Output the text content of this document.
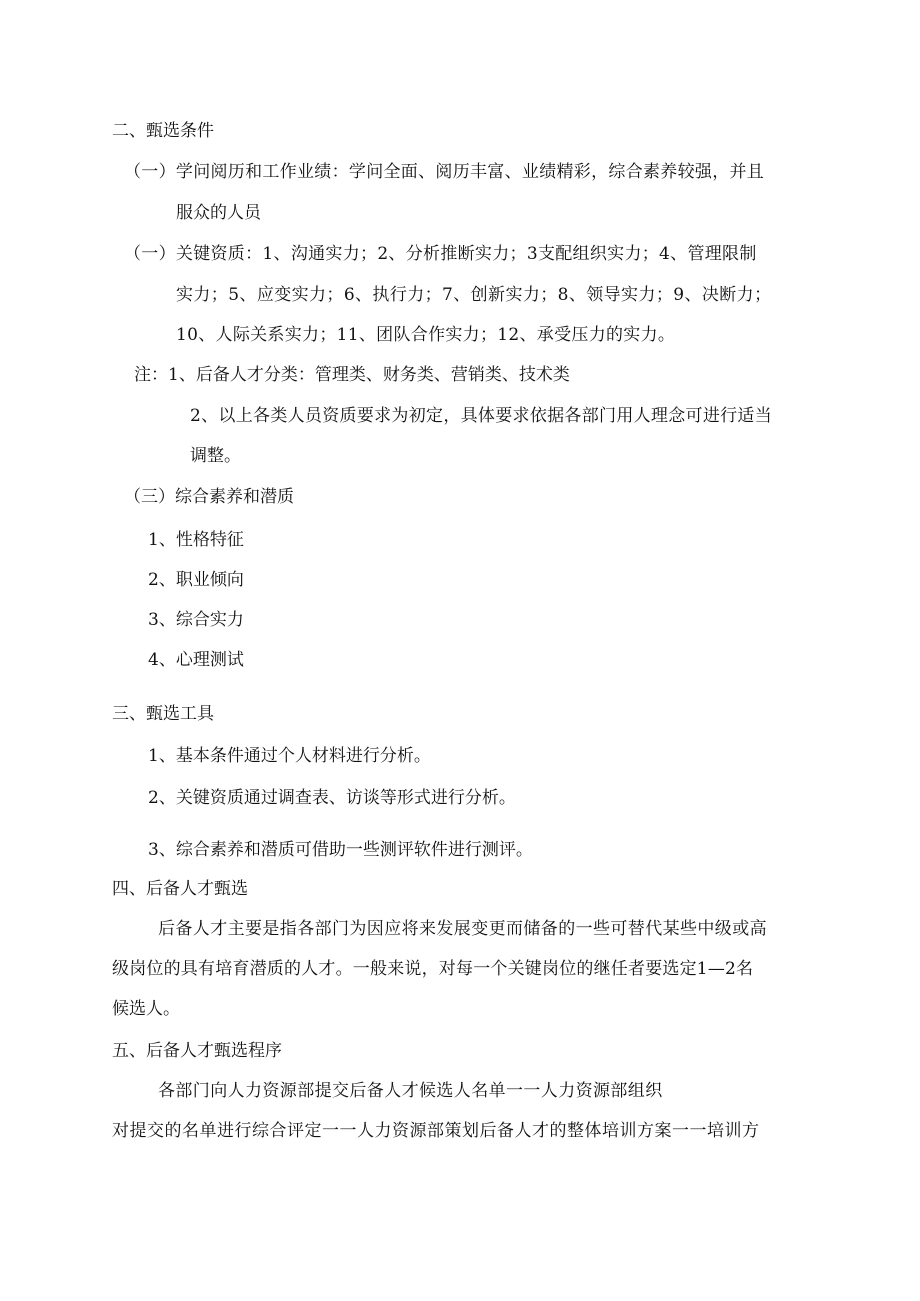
二、甄选条件
（一）学问阅历和工作业绩：学问全面、阅历丰富、业绩精彩，综合素养较强，并且
服众的人员
（一）关键资质：1、沟通实力；2、分析推断实力；3支配组织实力；4、管理限制
实力；5、应变实力；6、执行力；7、创新实力；8、领导实力；9、决断力；
10、人际关系实力；11、团队合作实力；12、承受压力的实力。
注：1、后备人才分类：管理类、财务类、营销类、技术类
2、以上各类人员资质要求为初定，具体要求依据各部门用人理念可进行适当
调整。
（三）综合素养和潜质
1、性格特征
2、职业倾向
3、综合实力
4、心理测试
三、甄选工具
1、基本条件通过个人材料进行分析。
2、关键资质通过调查表、访谈等形式进行分析。
3、综合素养和潜质可借助一些测评软件进行测评。
四、后备人才甄选
后备人才主要是指各部门为因应将来发展变更而储备的一些可替代某些中级或高
级岗位的具有培育潜质的人才。一般来说，对每一个关键岗位的继任者要选定1—2名
候选人。
五、后备人才甄选程序
各部门向人力资源部提交后备人才候选人名单一一人力资源部组织
对提交的名单进行综合评定一一人力资源部策划后备人才的整体培训方案一一培训方
